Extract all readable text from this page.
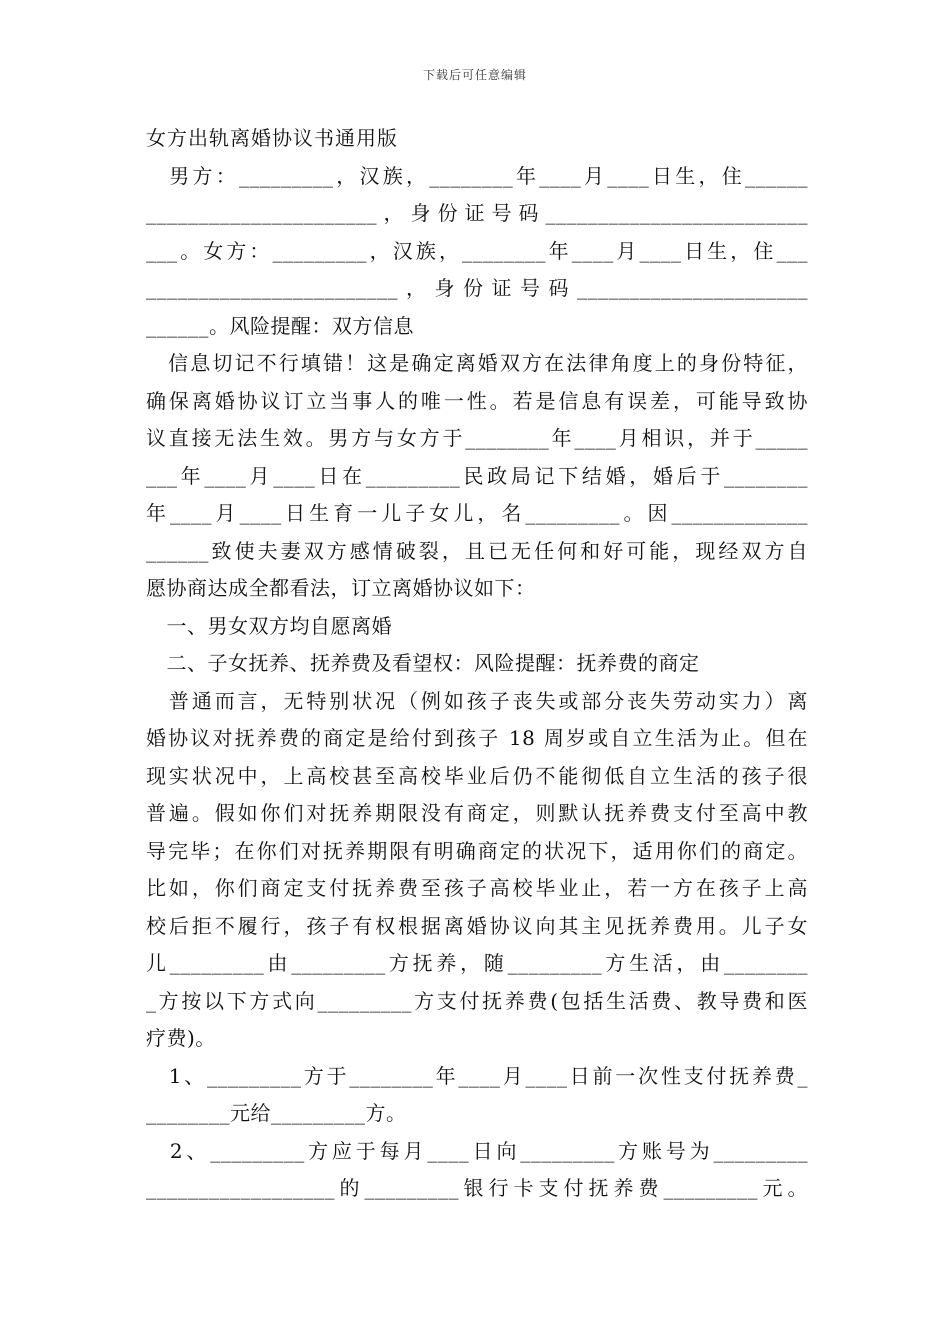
下载后可任意编辑
女方出轨离婚协议书通用版
　男方：_________，汉族，________年____月____日生，住______
______________________，身份证号码_________________________
___。女方：_________，汉族，________年____月____日生，住___
________________________，身份证号码______________________
______。风险提醒：双方信息
　信息切记不行填错！这是确定离婚双方在法律角度上的身份特征，
确保离婚协议订立当事人的唯一性。若是信息有误差，可能导致协
议直接无法生效。男方与女方于________年____月相识，并于_____
___年____月____日在_________民政局记下结婚，婚后于________
年____月____日生育一儿子女儿，名_________。因_____________
______致使夫妻双方感情破裂，且已无任何和好可能，现经双方自
愿协商达成全都看法，订立离婚协议如下：
　一、男女双方均自愿离婚
　二、子女抚养、抚养费及看望权：风险提醒：抚养费的商定
　普通而言，无特别状况（例如孩子丧失或部分丧失劳动实力）离
婚协议对抚养费的商定是给付到孩子 18 周岁或自立生活为止。但在
现实状况中，上高校甚至高校毕业后仍不能彻低自立生活的孩子很
普遍。假如你们对抚养期限没有商定，则默认抚养费支付至高中教
导完毕；在你们对抚养期限有明确商定的状况下，适用你们的商定。
比如，你们商定支付抚养费至孩子高校毕业止，若一方在孩子上高
校后拒不履行，孩子有权根据离婚协议向其主见抚养费用。儿子女
儿_________由_________方抚养，随_________方生活，由________
_方按以下方式向_________方支付抚养费(包括生活费、教导费和医
疗费)。
　1、_________方于________年____月____日前一次性支付抚养费_
________元给_________方。
　2、_________方应于每月____日向_________方账号为_________
__________________的_________银行卡支付抚养费_________元。
